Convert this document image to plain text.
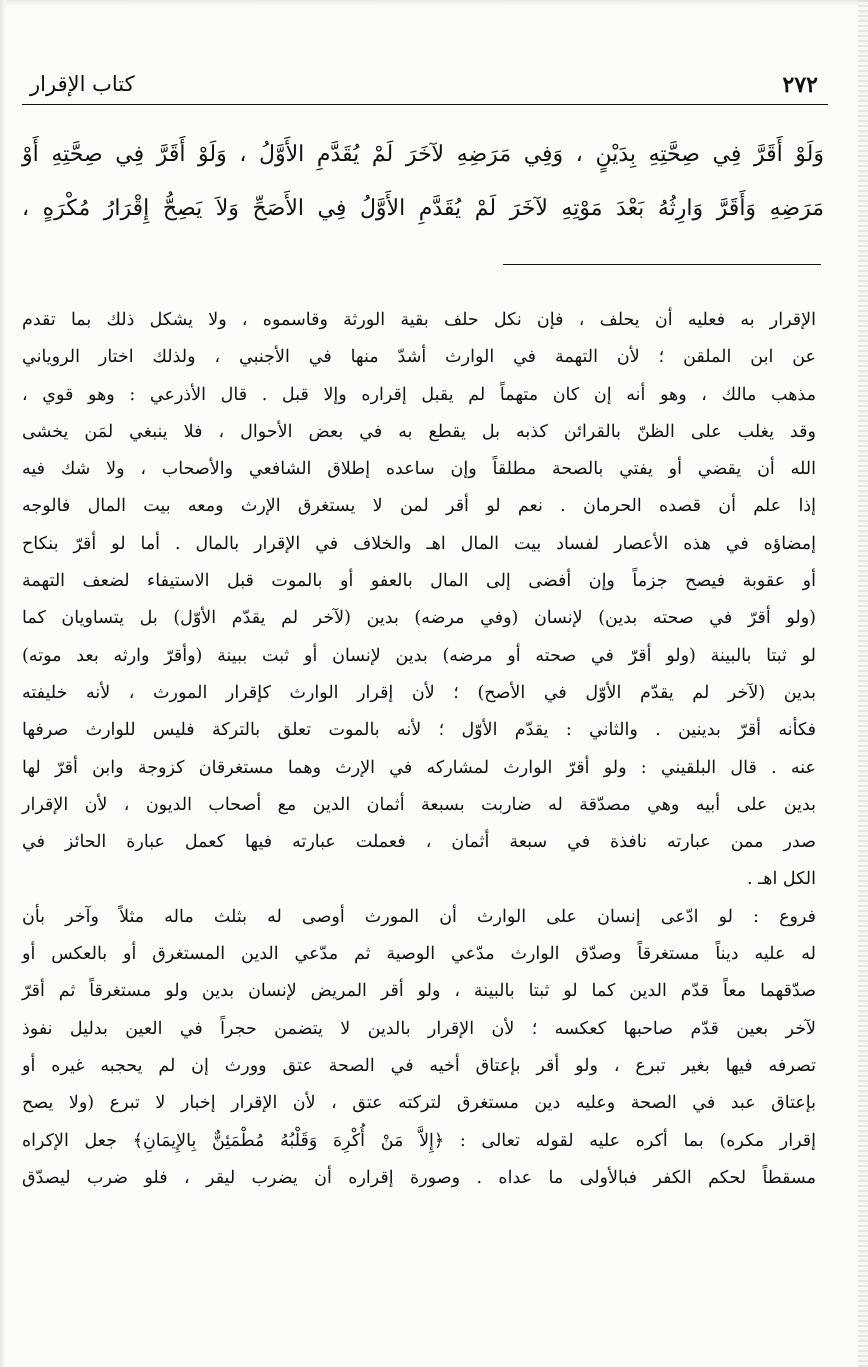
٢٧٢
كتاب الإقرار

وَلَوْ أَقَرَّ فِي صِحَّتِهِ بِدَيْنٍ ، وَفِي مَرَضِهِ لآخَرَ لَمْ يُقَدَّمِ الأَوَّلُ ، وَلَوْ أَقَرَّ فِي صِحَّتِهِ أَوْ

مَرَضِهِ وَأَقَرَّ وَارِثُهُ بَعْدَ مَوْتِهِ لآخَرَ لَمْ يُقَدَّمِ الأَوَّلُ فِي الأَصَحِّ وَلاَ يَصِحُّ إِقْرَارُ مُكْرَهٍ ،

الإقرار به فعليه أن يحلف ، فإن نكل حلف بقية الورثة وقاسموه ، ولا يشكل ذلك بما تقدم

عن ابن الملقن ؛ لأن التهمة في الوارث أشدّ منها في الأجنبي ، ولذلك اختار الروياني

مذهب مالك ، وهو أنه إن كان متهماً لم يقبل إقراره وإلا قبل . قال الأذرعي : وهو قوي ،

وقد يغلب على الظنّ بالقرائن كذبه بل يقطع به في بعض الأحوال ، فلا ينبغي لمَن يخشى

الله أن يقضي أو يفتي بالصحة مطلقاً وإن ساعده إطلاق الشافعي والأصحاب ، ولا شك فيه

إذا علم أن قصده الحرمان . نعم لو أقر لمن لا يستغرق الإرث ومعه بيت المال فالوجه

إمضاؤه في هذه الأعصار لفساد بيت المال اهـ والخلاف في الإقرار بالمال . أما لو أقرّ بنكاح

أو عقوبة فيصح جزماً وإن أفضى إلى المال بالعفو أو بالموت قبل الاستيفاء لضعف التهمة

(ولو أقرّ في صحته بدين) لإنسان (وفي مرضه) بدين (لآخر لم يقدّم الأوّل) بل يتساويان كما

لو ثبتا بالبينة (ولو أقرّ في صحته أو مرضه) بدين لإنسان أو ثبت ببينة (وأقرّ وارثه بعد موته)

بدين (لآخر لم يقدّم الأوّل في الأصح) ؛ لأن إقرار الوارث كإقرار المورث ، لأنه خليفته

فكأنه أقرّ بدينين . والثاني : يقدّم الأوّل ؛ لأنه بالموت تعلق بالتركة فليس للوارث صرفها

عنه . قال البلقيني : ولو أقرّ الوارث لمشاركه في الإرث وهما مستغرقان كزوجة وابن أقرّ لها

بدين على أبيه وهي مصدّقة له ضاربت بسبعة أثمان الدين مع أصحاب الديون ، لأن الإقرار

صدر ممن عبارته نافذة في سبعة أثمان ، فعملت عبارته فيها كعمل عبارة الحائز في

الكل اهـ .

فروع : لو ادّعى إنسان على الوارث أن المورث أوصى له بثلث ماله مثلاً وآخر بأن

له عليه ديناً مستغرقاً وصدّق الوارث مدّعي الوصية ثم مدّعي الدين المستغرق أو بالعكس أو

صدّقهما معاً قدّم الدين كما لو ثبتا بالبينة ، ولو أقر المريض لإنسان بدين ولو مستغرقاً ثم أقرّ

لآخر بعين قدّم صاحبها كعكسه ؛ لأن الإقرار بالدين لا يتضمن حجراً في العين بدليل نفوذ

تصرفه فيها بغير تبرع ، ولو أقر بإعتاق أخيه في الصحة عتق وورث إن لم يحجبه غيره أو

بإعتاق عبد في الصحة وعليه دين مستغرق لتركته عتق ، لأن الإقرار إخبار لا تبرع (ولا يصح

إقرار مكره) بما أكره عليه لقوله تعالى : ﴿إِلاَّ مَنْ أُكْرِهَ وَقَلْبُهُ مُطْمَئِنٌّ بِالإِيمَانِ﴾ جعل الإكراه

مسقطاً لحكم الكفر فبالأولى ما عداه . وصورة إقراره أن يضرب ليقر ، فلو ضرب ليصدّق
